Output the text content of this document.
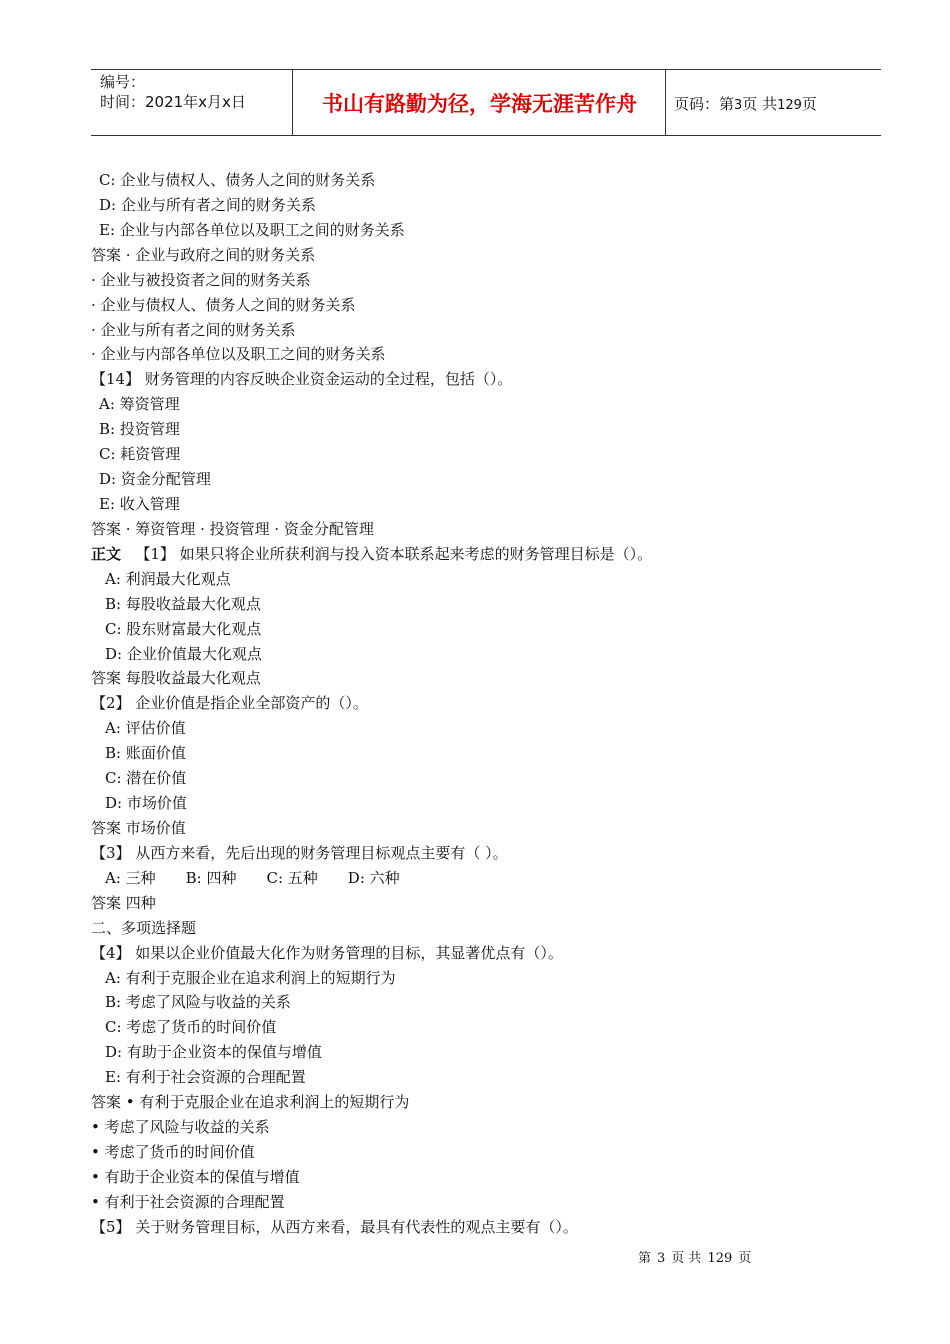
编号：
时间：2021年x月x日	书山有路勤为径，学海无涯苦作舟	页码：第3页 共129页
C: 企业与债权人、债务人之间的财务关系
D: 企业与所有者之间的财务关系
E: 企业与内部各单位以及职工之间的财务关系
答案 · 企业与政府之间的财务关系
· 企业与被投资者之间的财务关系
· 企业与债权人、债务人之间的财务关系
· 企业与所有者之间的财务关系
· 企业与内部各单位以及职工之间的财务关系
【14】 财务管理的内容反映企业资金运动的全过程，包括（）。
A: 筹资管理
B: 投资管理
C: 耗资管理
D: 资金分配管理
E: 收入管理
答案 · 筹资管理 · 投资管理 · 资金分配管理
正文 【1】 如果只将企业所获利润与投入资本联系起来考虑的财务管理目标是（）。
A: 利润最大化观点
B: 每股收益最大化观点
C: 股东财富最大化观点
D: 企业价值最大化观点
答案 每股收益最大化观点
【2】 企业价值是指企业全部资产的（）。
A: 评估价值
B: 账面价值
C: 潜在价值
D: 市场价值
答案 市场价值
【3】 从西方来看，先后出现的财务管理目标观点主要有（ ）。
A: 三种　　B: 四种　　C: 五种　　D: 六种
答案 四种
二、多项选择题
【4】 如果以企业价值最大化作为财务管理的目标，其显著优点有（）。
A: 有利于克服企业在追求利润上的短期行为
B: 考虑了风险与收益的关系
C: 考虑了货币的时间价值
D: 有助于企业资本的保值与增值
E: 有利于社会资源的合理配置
答案 • 有利于克服企业在追求利润上的短期行为
• 考虑了风险与收益的关系
• 考虑了货币的时间价值
• 有助于企业资本的保值与增值
• 有利于社会资源的合理配置
【5】 关于财务管理目标，从西方来看，最具有代表性的观点主要有（）。
第 3 页 共 129 页
